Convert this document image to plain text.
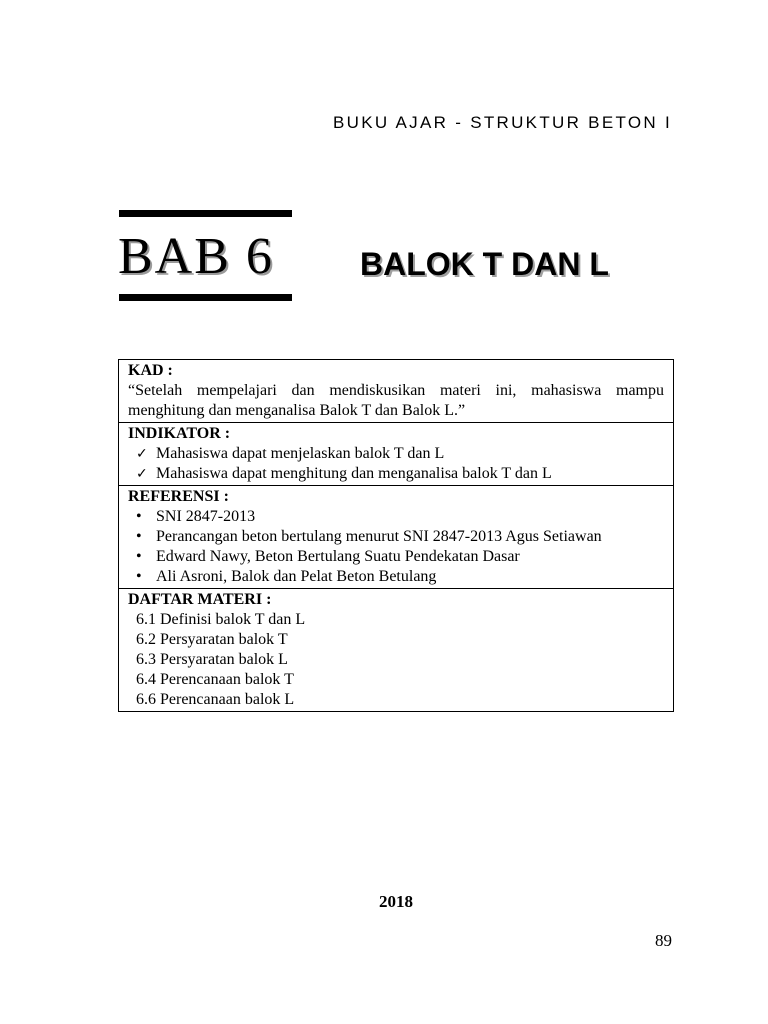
BUKU AJAR - STRUKTUR BETON I
BAB 6	BALOK T DAN L
KAD :
“Setelah mempelajari dan mendiskusikan materi ini, mahasiswa mampu menghitung dan menganalisa Balok T dan Balok L.”
INDIKATOR :
✓ Mahasiswa dapat menjelaskan balok T dan L
✓ Mahasiswa dapat menghitung dan menganalisa balok T dan L
REFERENSI :
• SNI 2847-2013
• Perancangan beton bertulang menurut SNI 2847-2013 Agus Setiawan
• Edward Nawy, Beton Bertulang Suatu Pendekatan Dasar
• Ali Asroni, Balok dan Pelat Beton Betulang
DAFTAR MATERI :
6.1 Definisi balok T dan L
6.2 Persyaratan balok T
6.3 Persyaratan balok L
6.4 Perencanaan balok T
6.6 Perencanaan balok L
2018
89
